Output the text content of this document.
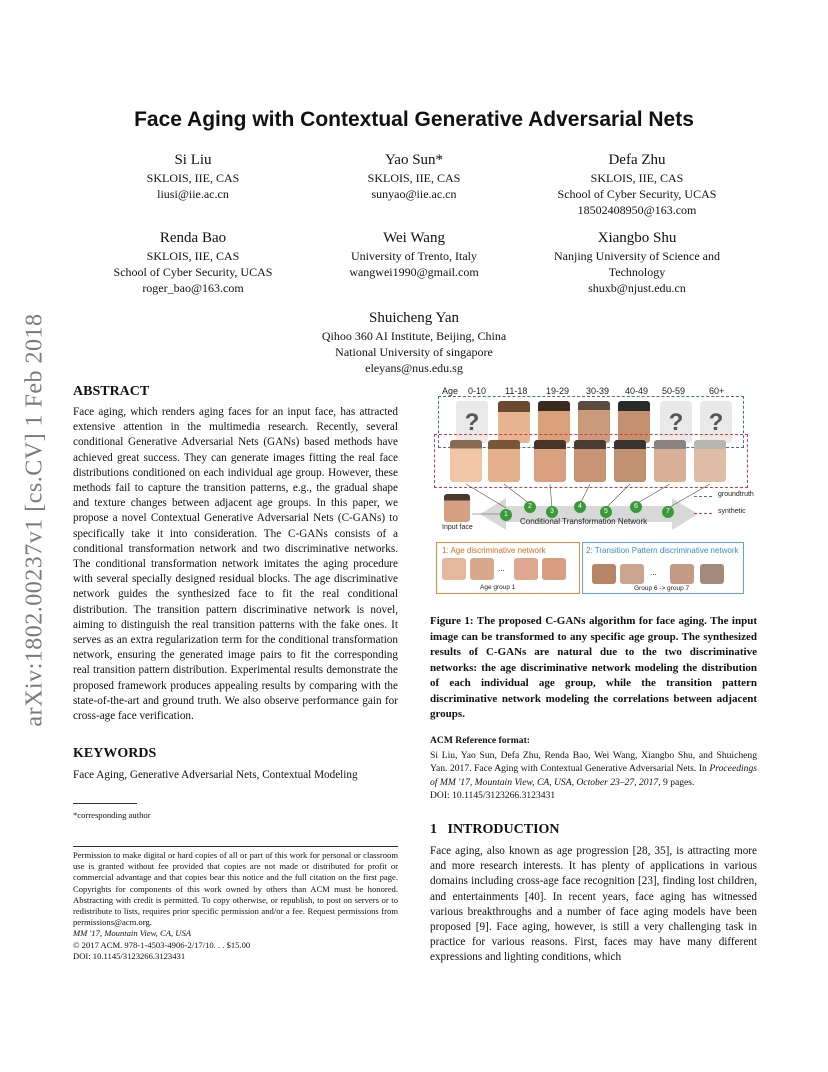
arXiv:1802.00237v1 [cs.CV] 1 Feb 2018
Face Aging with Contextual Generative Adversarial Nets
Si Liu
SKLOIS, IIE, CAS
liusi@iie.ac.cn
Yao Sun*
SKLOIS, IIE, CAS
sunyao@iie.ac.cn
Defa Zhu
SKLOIS, IIE, CAS
School of Cyber Security, UCAS
18502408950@163.com
Renda Bao
SKLOIS, IIE, CAS
School of Cyber Security, UCAS
roger_bao@163.com
Wei Wang
University of Trento, Italy
wangwei1990@gmail.com
Xiangbo Shu
Nanjing University of Science and
Technology
shuxb@njust.edu.cn
Shuicheng Yan
Qihoo 360 AI Institute, Beijing, China
National University of singapore
eleyans@nus.edu.sg
ABSTRACT
Face aging, which renders aging faces for an input face, has attracted extensive attention in the multimedia research. Recently, several conditional Generative Adversarial Nets (GANs) based methods have achieved great success. They can generate images fitting the real face distributions conditioned on each individual age group. However, these methods fail to capture the transition patterns, e.g., the gradual shape and texture changes between adjacent age groups. In this paper, we propose a novel Contextual Generative Adversarial Nets (C-GANs) to specifically take it into consideration. The C-GANs consists of a conditional transformation network and two discriminative networks. The conditional transformation network imitates the aging procedure with several specially designed residual blocks. The age discriminative network guides the synthesized face to fit the real conditional distribution. The transition pattern discriminative network is novel, aiming to distinguish the real transition patterns with the fake ones. It serves as an extra regularization term for the conditional transformation network, ensuring the generated image pairs to fit the corresponding real transition pattern distribution. Experimental results demonstrate the proposed framework produces appealing results by comparing with the state-of-the-art and ground truth. We also observe performance gain for cross-age face verification.
KEYWORDS
Face Aging, Generative Adversarial Nets, Contextual Modeling
*corresponding author
Permission to make digital or hard copies of all or part of this work for personal or classroom use is granted without fee provided that copies are not made or distributed for profit or commercial advantage and that copies bear this notice and the full citation on the first page. Copyrights for components of this work owned by others than ACM must be honored. Abstracting with credit is permitted. To copy otherwise, or republish, to post on servers or to redistribute to lists, requires prior specific permission and/or a fee. Request permissions from permissions@acm.org.
MM '17, Mountain View, CA, USA
© 2017 ACM. 978-1-4503-4906-2/17/10. . . $15.00
DOI: 10.1145/3123266.3123431
Age 0-10 11-18 19-29 30-39 40-49 50-59	60+
?	?	?
Input face
1
2
3
4
5
6
7
Conditional Transformation Network
groundtruth
synthetic
1: Age discriminative network
...
Age group 1
2: Transition Pattern discriminative network
...
Group 6 -> group 7
Figure 1: The proposed C-GANs algorithm for face aging. The input image can be transformed to any specific age group. The synthesized results of C-GANs are natural due to the two discriminative networks: the age discriminative network modeling the distribution of each individual age group, while the transition pattern discriminative network modeling the correlations between adjacent groups.
ACM Reference format:
Si Liu, Yao Sun, Defa Zhu, Renda Bao, Wei Wang, Xiangbo Shu, and Shuicheng Yan. 2017. Face Aging with Contextual Generative Adversarial Nets. In Proceedings of MM '17, Mountain View, CA, USA, October 23–27, 2017, 9 pages.
DOI: 10.1145/3123266.3123431
1   INTRODUCTION
Face aging, also known as age progression [28, 35], is attracting more and more research interests. It has plenty of applications in various domains including cross-age face recognition [23], finding lost children, and entertainments [40]. In recent years, face aging has witnessed various breakthroughs and a number of face aging models have been proposed [9]. Face aging, however, is still a very challenging task in practice for various reasons. First, faces may have many different expressions and lighting conditions, which
